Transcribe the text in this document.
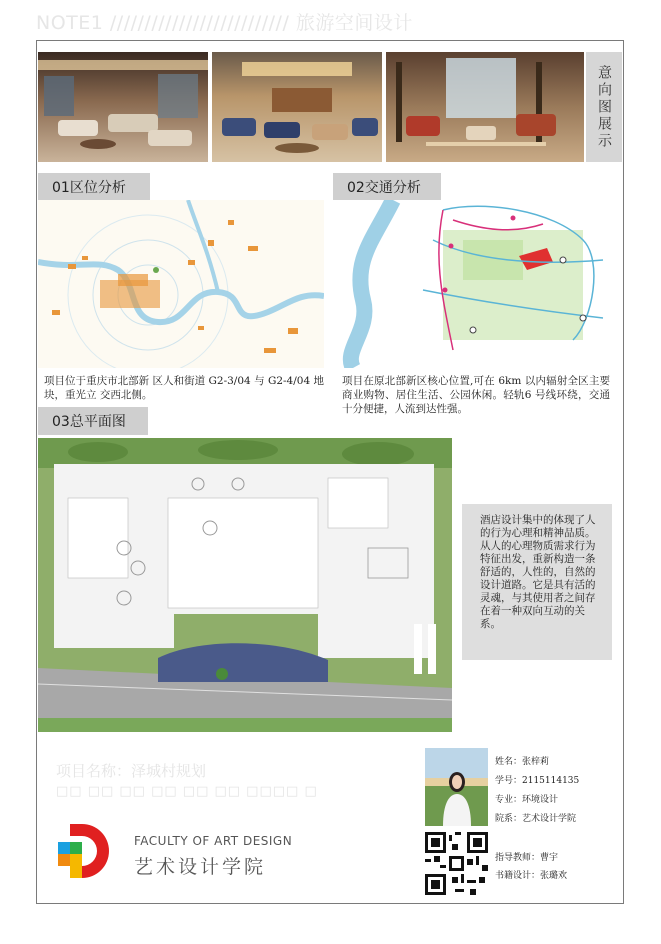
NOTE1 ////////////////////////// 旅游空间设计
意向图展示
01区位分析	02交通分析
03总平面图
项目位于重庆市北部新 区人和街道 G2-3/04 与 G2-4/04 地块，重光立 交西北侧。
项目在原北部新区核心位置,可在 6km 以内辐射全区主要商业购物、居住生活、公园休闲。轻轨6 号线环绕，交通十分便捷，人流到达性强。
酒店设计集中的体现了人的行为心理和精神品质。从人的心理物质需求行为特征出发，重新构造一条舒适的，人性的，自然的设计道路。它是具有活的灵魂，与其使用者之间存在着一种双向互动的关系。
项目名称：泽城村规划
□□ □□ □□ □□ □□ □□ □□□□ □
FACULTY OF ART DESIGN
艺术设计学院
姓名：张梓莉
学号：2115114135
专业：环境设计
院系：艺术设计学院
指导教师：曹宇
书籍设计：张璐欢
